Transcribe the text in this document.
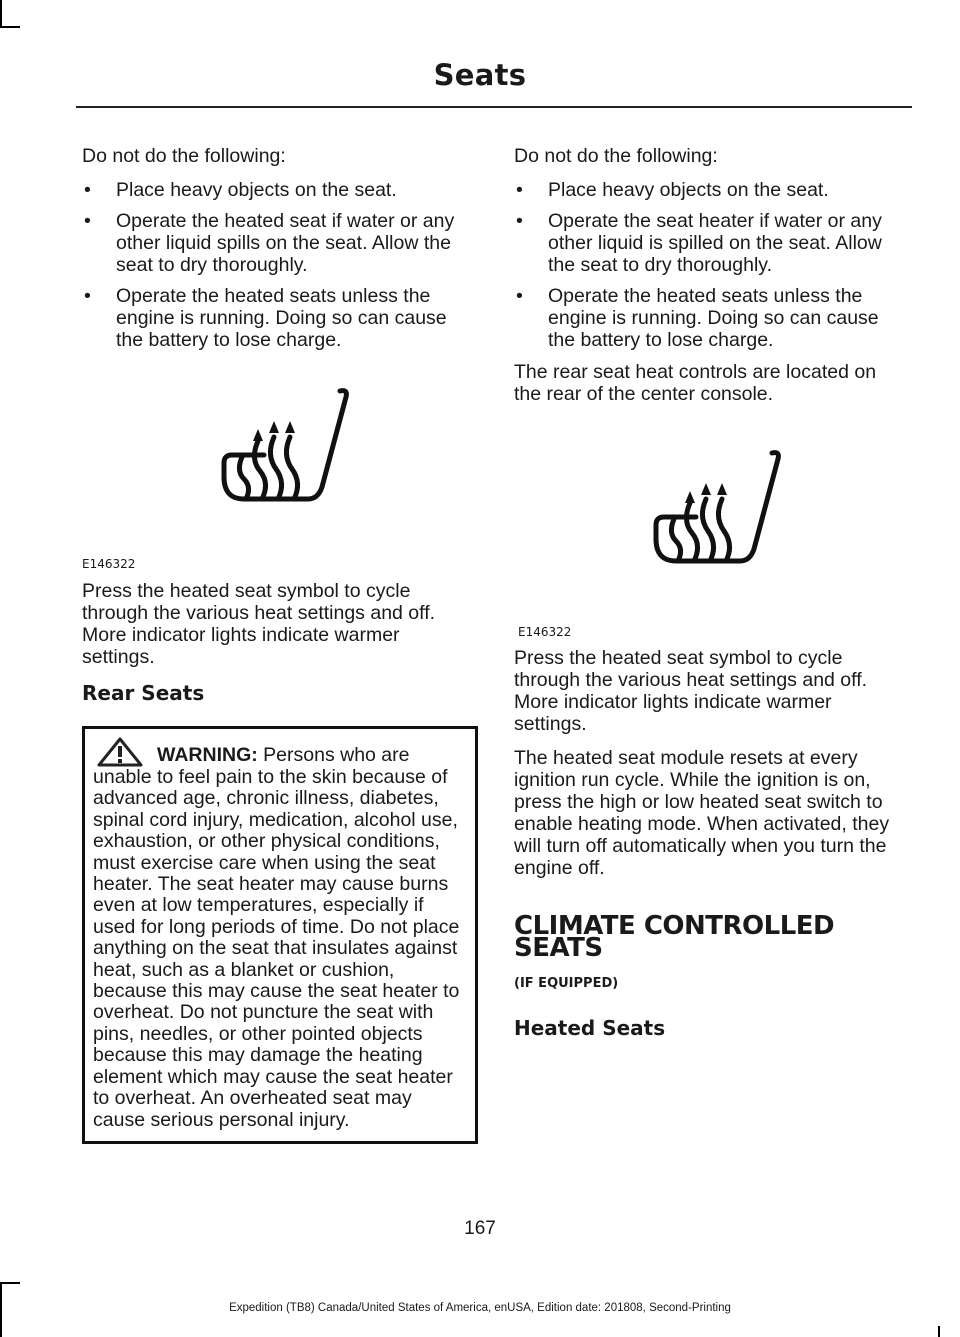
Seats

Do not do the following:

• Place heavy objects on the seat.
• Operate the heated seat if water or any other liquid spills on the seat. Allow the seat to dry thoroughly.
• Operate the heated seats unless the engine is running. Doing so can cause the battery to lose charge.
E146322

Press the heated seat symbol to cycle through the various heat settings and off. More indicator lights indicate warmer settings.

Rear Seats
WARNING: Persons who are unable to feel pain to the skin because of advanced age, chronic illness, diabetes, spinal cord injury, medication, alcohol use, exhaustion, or other physical conditions, must exercise care when using the seat heater. The seat heater may cause burns even at low temperatures, especially if used for long periods of time. Do not place anything on the seat that insulates against heat, such as a blanket or cushion, because this may cause the seat heater to overheat. Do not puncture the seat with pins, needles, or other pointed objects because this may damage the heating element which may cause the seat heater to overheat. An overheated seat may cause serious personal injury.

Do not do the following:

• Place heavy objects on the seat.
• Operate the seat heater if water or any other liquid is spilled on the seat. Allow the seat to dry thoroughly.
• Operate the heated seats unless the engine is running. Doing so can cause the battery to lose charge.

The rear seat heat controls are located on the rear of the center console.

E146322

Press the heated seat symbol to cycle through the various heat settings and off. More indicator lights indicate warmer settings.

The heated seat module resets at every ignition run cycle. While the ignition is on, press the high or low heated seat switch to enable heating mode. When activated, they will turn off automatically when you turn the engine off.

CLIMATE CONTROLLED SEATS
(IF EQUIPPED)
Heated Seats
167
Expedition (TB8) Canada/United States of America, enUSA, Edition date: 201808, Second-Printing
